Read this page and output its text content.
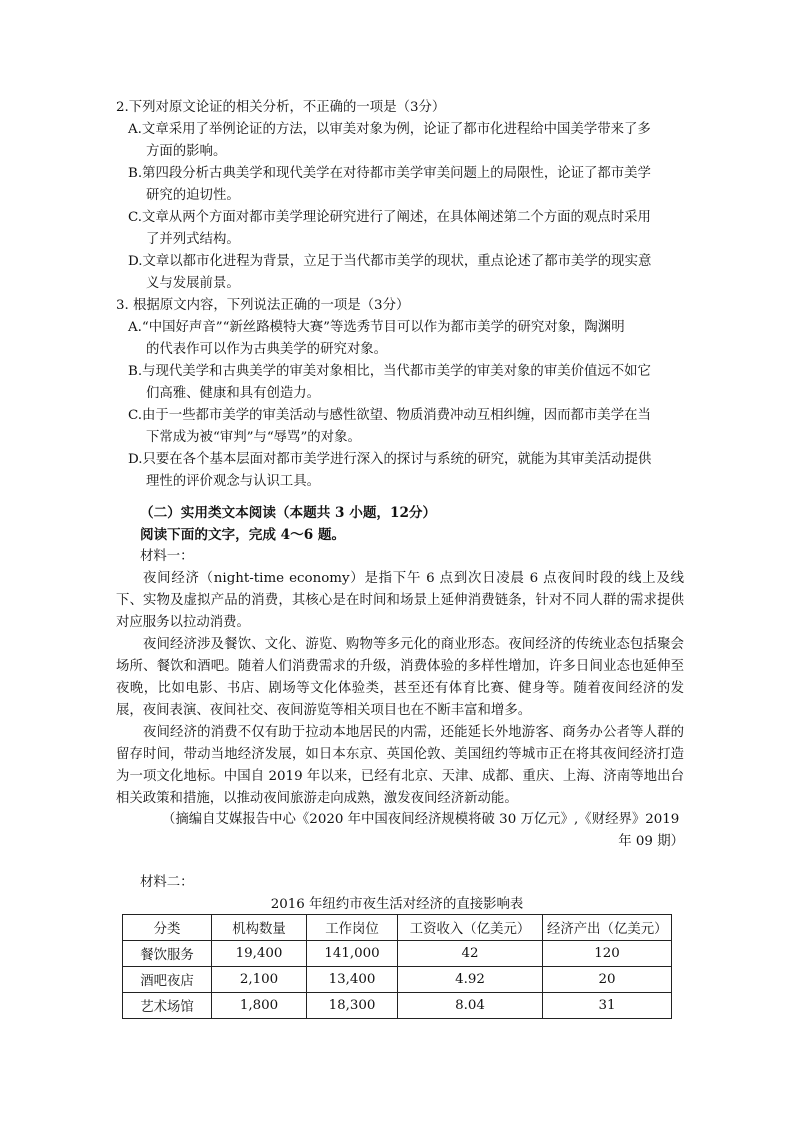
2.下列对原文论证的相关分析，不正确的一项是（3分）
A.文章采用了举例论证的方法，以审美对象为例，论证了都市化进程给中国美学带来了多
方面的影响。
B.第四段分析古典美学和现代美学在对待都市美学审美问题上的局限性，论证了都市美学
研究的迫切性。
C.文章从两个方面对都市美学理论研究进行了阐述，在具体阐述第二个方面的观点时采用
了并列式结构。
D.文章以都市化进程为背景，立足于当代都市美学的现状，重点论述了都市美学的现实意
义与发展前景。
3. 根据原文内容，下列说法正确的一项是（3分）
A.“中国好声音”“新丝路模特大赛”等选秀节目可以作为都市美学的研究对象，陶渊明
的代表作可以作为古典美学的研究对象。
B.与现代美学和古典美学的审美对象相比，当代都市美学的审美对象的审美价值远不如它
们高雅、健康和具有创造力。
C.由于一些都市美学的审美活动与感性欲望、物质消费冲动互相纠缠，因而都市美学在当
下常成为被“审判”与“辱骂”的对象。
D.只要在各个基本层面对都市美学进行深入的探讨与系统的研究，就能为其审美活动提供
理性的评价观念与认识工具。
（二）实用类文本阅读（本题共 3 小题，12分）
阅读下面的文字，完成 4～6 题。
材料一：
夜间经济（night-time economy）是指下午 6 点到次日凌晨 6 点夜间时段的线上及线下、实物及虚拟产品的消费，其核心是在时间和场景上延伸消费链条，针对不同人群的需求提供对应服务以拉动消费。
夜间经济涉及餐饮、文化、游览、购物等多元化的商业形态。夜间经济的传统业态包括聚会场所、餐饮和酒吧。随着人们消费需求的升级，消费体验的多样性增加，许多日间业态也延伸至夜晚，比如电影、书店、剧场等文化体验类，甚至还有体育比赛、健身等。随着夜间经济的发展，夜间表演、夜间社交、夜间游览等相关项目也在不断丰富和增多。
夜间经济的消费不仅有助于拉动本地居民的内需，还能延长外地游客、商务办公者等人群的留存时间，带动当地经济发展，如日本东京、英国伦敦、美国纽约等城市正在将其夜间经济打造为一项文化地标。中国自 2019 年以来，已经有北京、天津、成都、重庆、上海、济南等地出台相关政策和措施，以推动夜间旅游走向成熟，激发夜间经济新动能。
（摘编自艾媒报告中心《2020 年中国夜间经济规模将破 30 万亿元》,《财经界》2019
年 09 期）
材料二：
2016 年纽约市夜生活对经济的直接影响表
分类	机构数量	工作岗位	工资收入（亿美元）	经济产出（亿美元）
餐饮服务	19,400	141,000	42	120
酒吧夜店	2,100	13,400	4.92	20
艺术场馆	1,800	18,300	8.04	31
